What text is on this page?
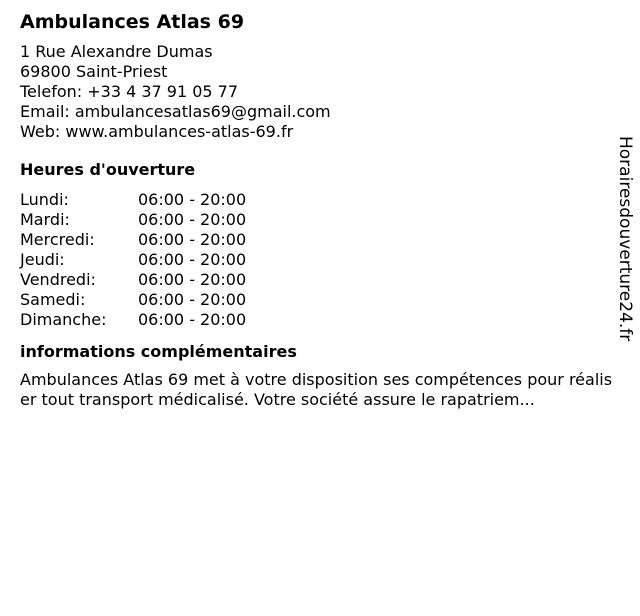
Ambulances Atlas 69
1 Rue Alexandre Dumas
69800 Saint-Priest
Telefon: +33 4 37 91 05 77
Email: ambulancesatlas69@gmail.com
Web: www.ambulances-atlas-69.fr
Heures d'ouverture
Lundi:	06:00 - 20:00
Mardi:	06:00 - 20:00
Mercredi:	06:00 - 20:00
Jeudi:	06:00 - 20:00
Vendredi:	06:00 - 20:00
Samedi:	06:00 - 20:00
Dimanche:	06:00 - 20:00
informations complémentaires
Ambulances Atlas 69 met à votre disposition ses compétences pour réaliser tout transport médicalisé. Votre société assure le rapatriem...
Horairesdouverture24.fr
